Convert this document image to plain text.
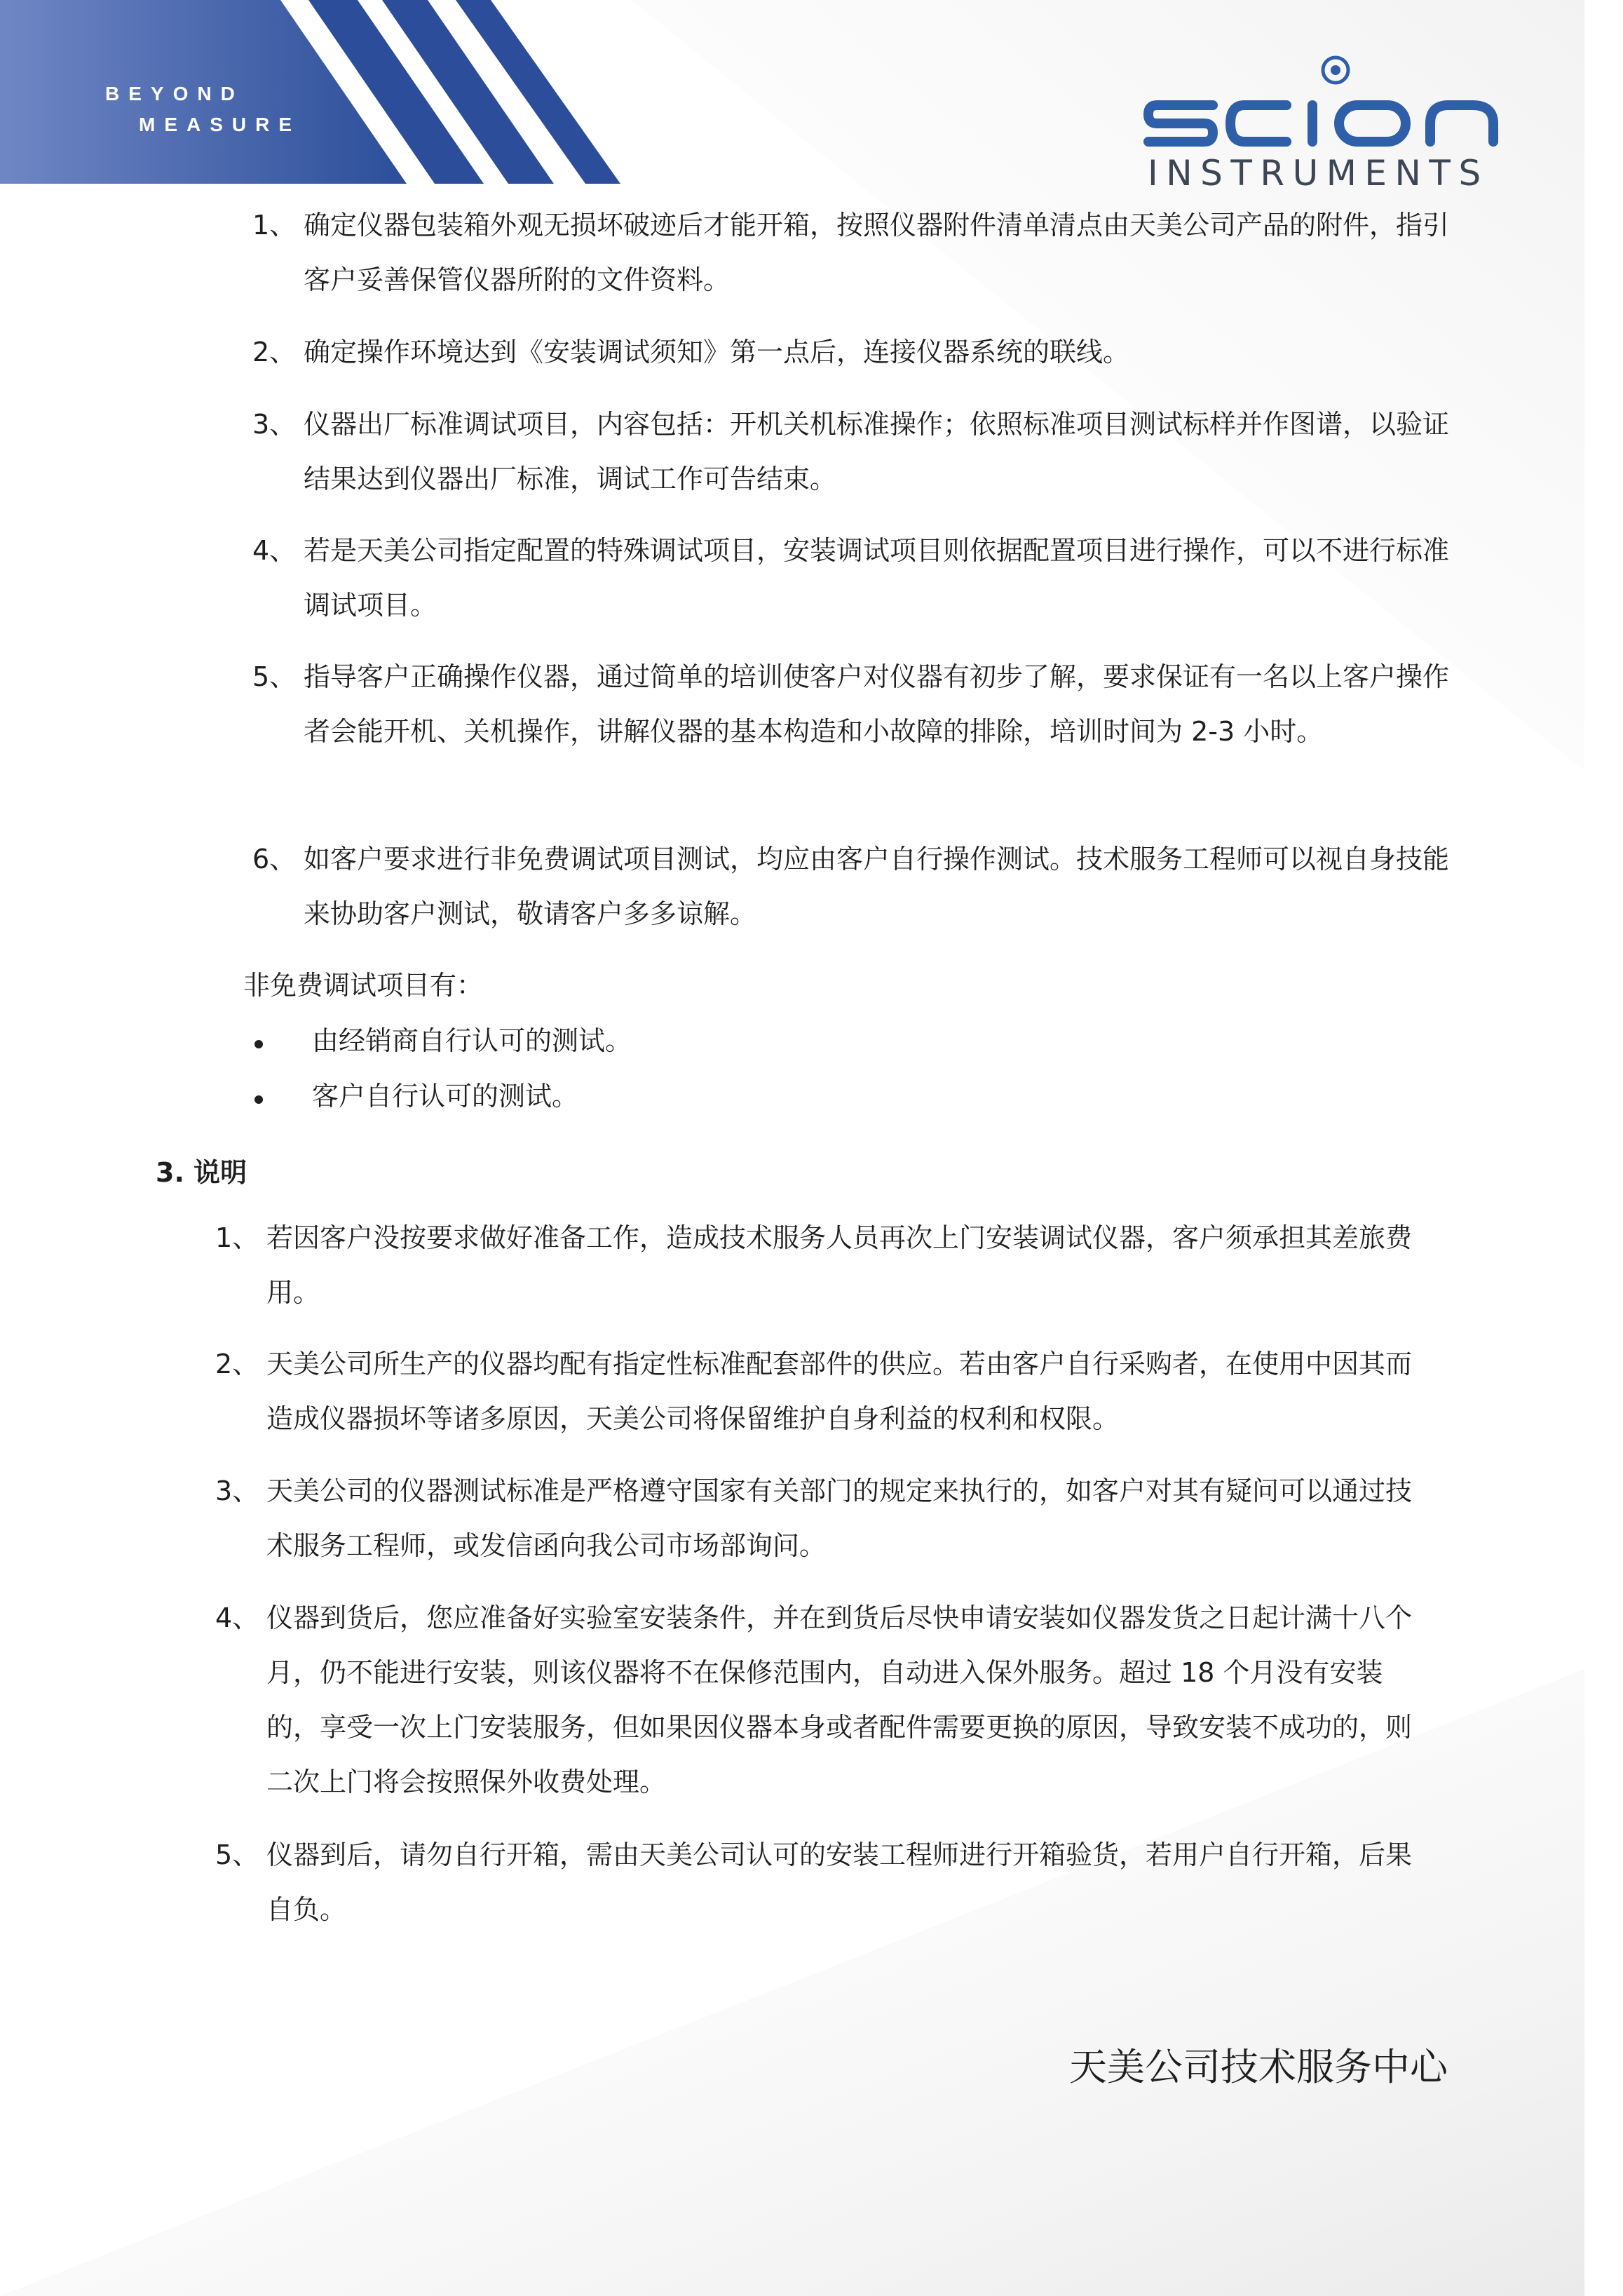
BEYOND
MEASURE
INSTRUMENTS
1、 确定仪器包装箱外观无损坏破迹后才能开箱，按照仪器附件清单清点由天美公司产品的附件，指引客户妥善保管仪器所附的文件资料。
2、 确定操作环境达到《安装调试须知》第一点后，连接仪器系统的联线。
3、 仪器出厂标准调试项目，内容包括：开机关机标准操作；依照标准项目测试标样并作图谱，以验证结果达到仪器出厂标准，调试工作可告结束。
4、 若是天美公司指定配置的特殊调试项目，安装调试项目则依据配置项目进行操作，可以不进行标准调试项目。
5、 指导客户正确操作仪器，通过简单的培训使客户对仪器有初步了解，要求保证有一名以上客户操作者会能开机、关机操作，讲解仪器的基本构造和小故障的排除，培训时间为 2-3 小时。
6、 如客户要求进行非免费调试项目测试，均应由客户自行操作测试。技术服务工程师可以视自身技能来协助客户测试，敬请客户多多谅解。
非免费调试项目有：
由经销商自行认可的测试。
客户自行认可的测试。
3. 说明
1、 若因客户没按要求做好准备工作，造成技术服务人员再次上门安装调试仪器，客户须承担其差旅费用。
2、 天美公司所生产的仪器均配有指定性标准配套部件的供应。若由客户自行采购者，在使用中因其而造成仪器损坏等诸多原因，天美公司将保留维护自身利益的权利和权限。
3、 天美公司的仪器测试标准是严格遵守国家有关部门的规定来执行的，如客户对其有疑问可以通过技术服务工程师，或发信函向我公司市场部询问。
4、 仪器到货后，您应准备好实验室安装条件，并在到货后尽快申请安装如仪器发货之日起计满十八个月，仍不能进行安装，则该仪器将不在保修范围内，自动进入保外服务。超过 18 个月没有安装的，享受一次上门安装服务，但如果因仪器本身或者配件需要更换的原因，导致安装不成功的，则二次上门将会按照保外收费处理。
5、 仪器到后，请勿自行开箱，需由天美公司认可的安装工程师进行开箱验货，若用户自行开箱，后果自负。
天美公司技术服务中心
